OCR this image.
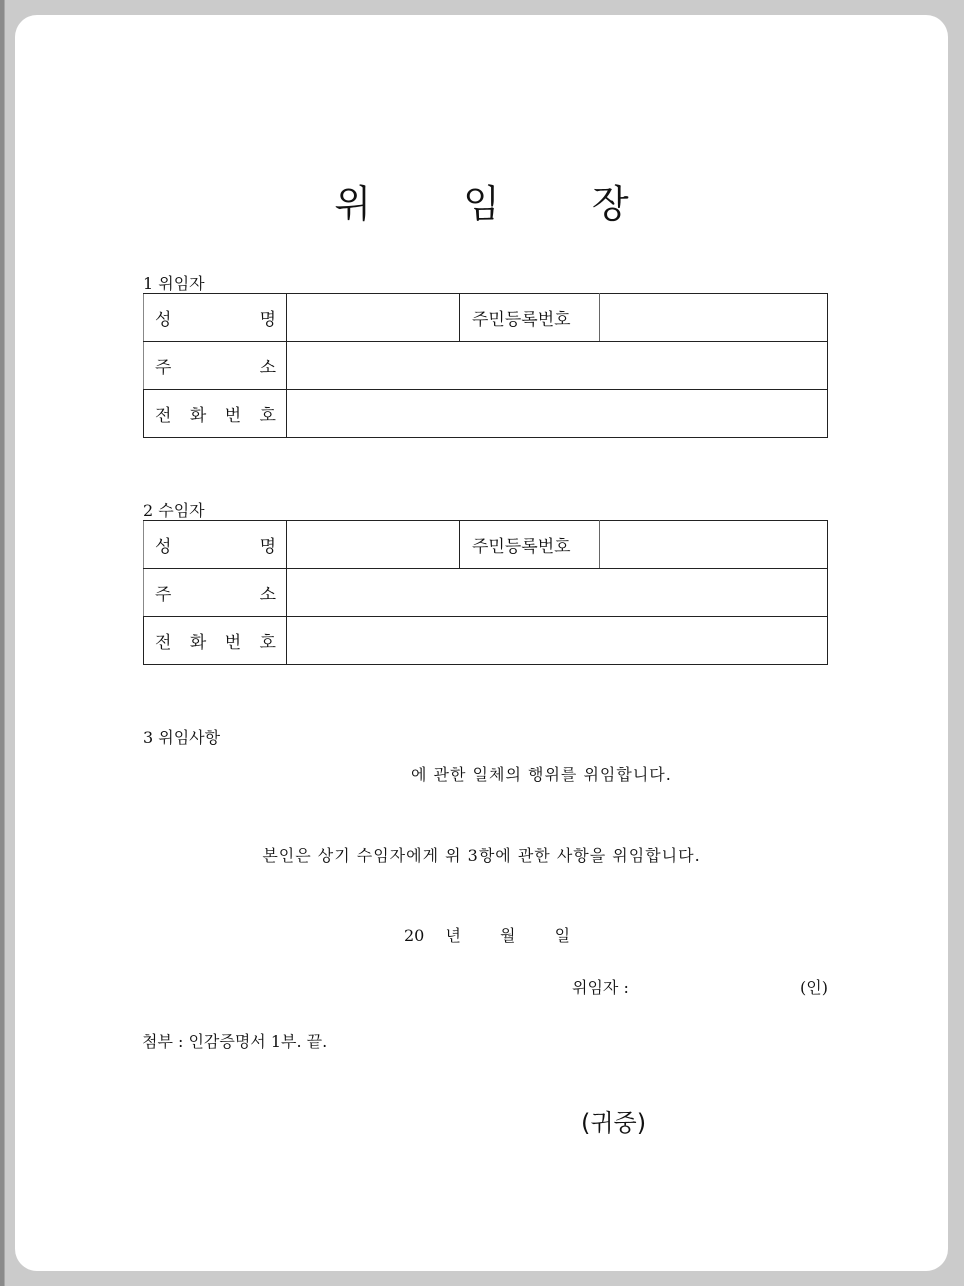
위 임 장
1 위임자
성 명		주민등록번호	

주 소			

전 화 번 호			

2 수임자
성 명		주민등록번호	

주 소			

전 화 번 호			

3 위임사항
에 관한 일체의 행위를 위임합니다.
본인은 상기 수임자에게 위 3항에 관한 사항을 위임합니다.
20 년 월 일
위임자 :	(인)
첨부 : 인감증명서 1부. 끝.
(귀중)
